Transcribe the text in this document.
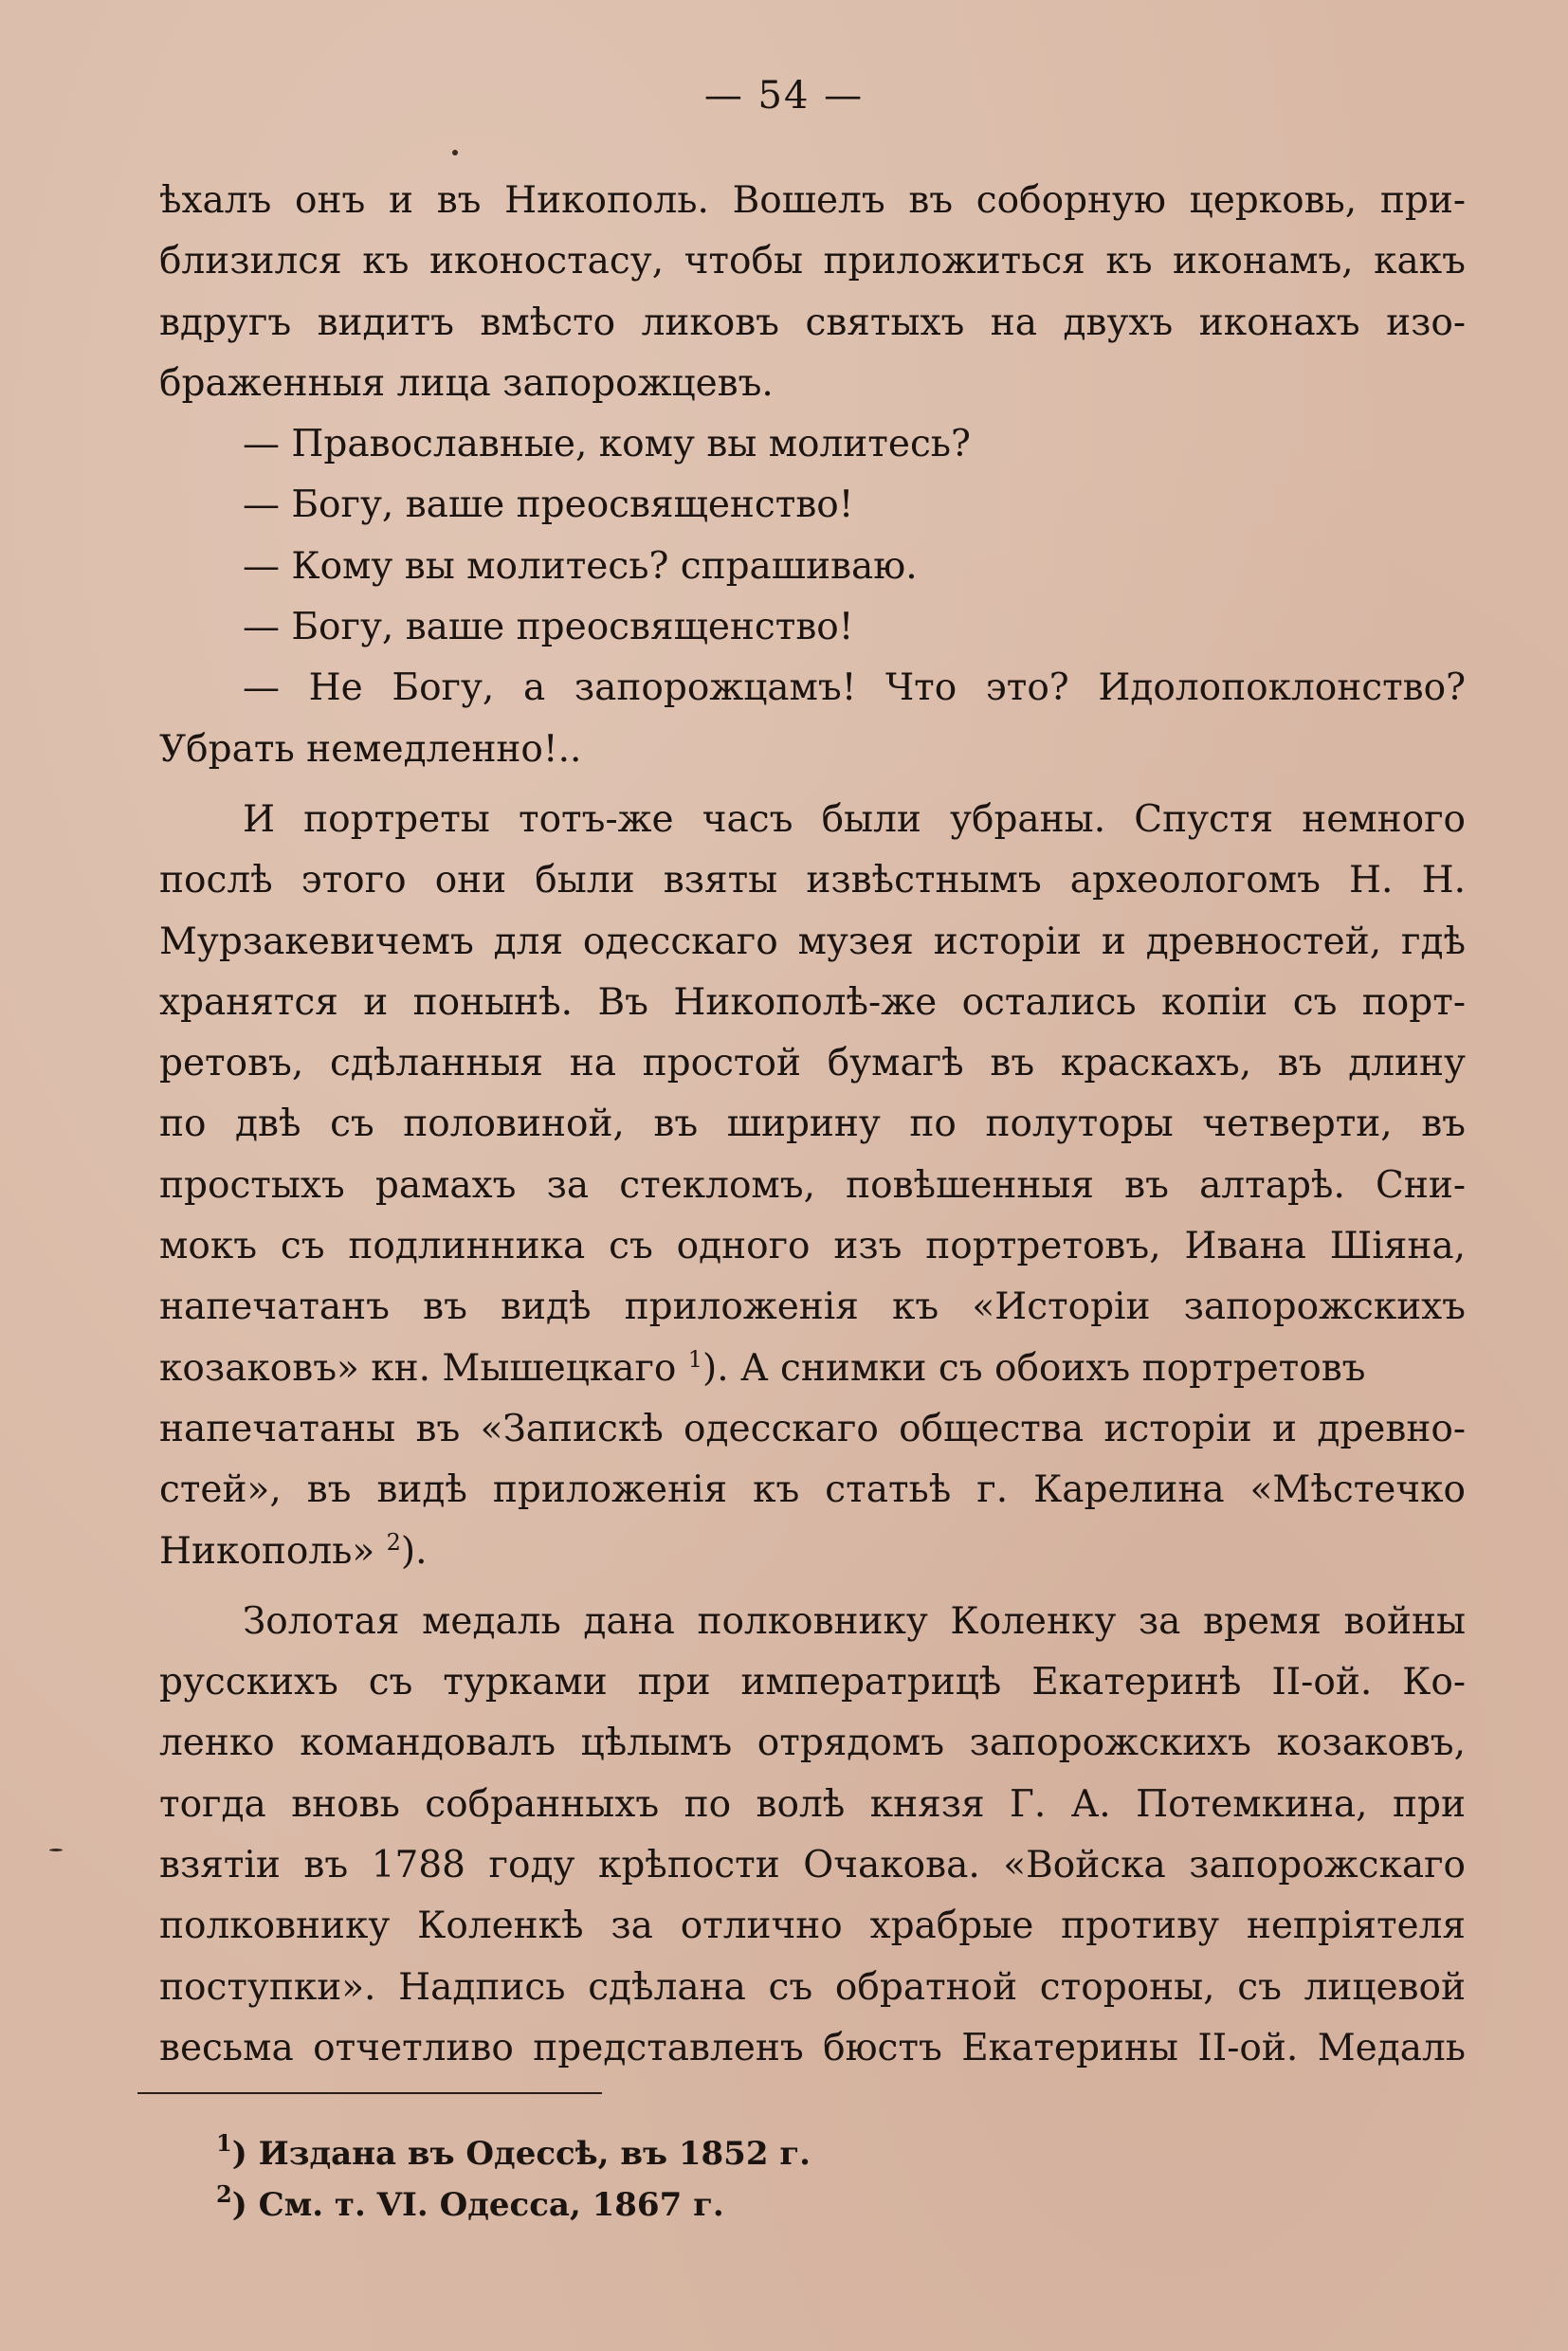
— 54 —
ѣхалъ онъ и въ Никополь. Вошелъ въ соборную церковь, при-
близился къ иконостасу, чтобы приложиться къ иконамъ, какъ
вдругъ видитъ вмѣсто ликовъ святыхъ на двухъ иконахъ изо-
браженныя лица запорожцевъ.
— Православные, кому вы молитесь?
— Богу, ваше преосвященство!
— Кому вы молитесь? спрашиваю.
— Богу, ваше преосвященство!
— Не Богу, а запорожцамъ! Что это? Идолопоклонство?
Убрать немедленно!..
И портреты тотъ-же часъ были убраны. Спустя немного
послѣ этого они были взяты извѣстнымъ археологомъ Н. Н.
Мурзакевичемъ для одесскаго музея исторіи и древностей, гдѣ
хранятся и понынѣ. Въ Никополѣ-же остались копіи съ порт-
ретовъ, сдѣланныя на простой бумагѣ въ краскахъ, въ длину
по двѣ съ половиной, въ ширину по полуторы четверти, въ
простыхъ рамахъ за стекломъ, повѣшенныя въ алтарѣ. Сни-
мокъ съ подлинника съ одного изъ портретовъ, Ивана Шіяна,
напечатанъ въ видѣ приложенія къ «Исторіи запорожскихъ
козаковъ» кн. Мышецкаго $^1$). А снимки съ обоихъ портретовъ
напечатаны въ «Запискѣ одесскаго общества исторіи и древно-
стей», въ видѣ приложенія къ статьѣ г. Карелина «Мѣстечко
Никополь» $^2$).
Золотая медаль дана полковнику Коленку за время войны
русскихъ съ турками при императрицѣ Екатеринѣ II-ой. Ко-
ленко командовалъ цѣлымъ отрядомъ запорожскихъ козаковъ,
тогда вновь собранныхъ по волѣ князя Г. А. Потемкина, при
взятіи въ 1788 году крѣпости Очакова. «Войска запорожскаго
полковнику Коленкѣ за отлично храбрые противу непріятеля
поступки». Надпись сдѣлана съ обратной стороны, съ лицевой
весьма отчетливо представленъ бюстъ Екатерины II-ой. Медаль
$^1$) Издана въ Одессѣ, въ 1852 г.
$^2$) См. т. VI. Одесса, 1867 г.
